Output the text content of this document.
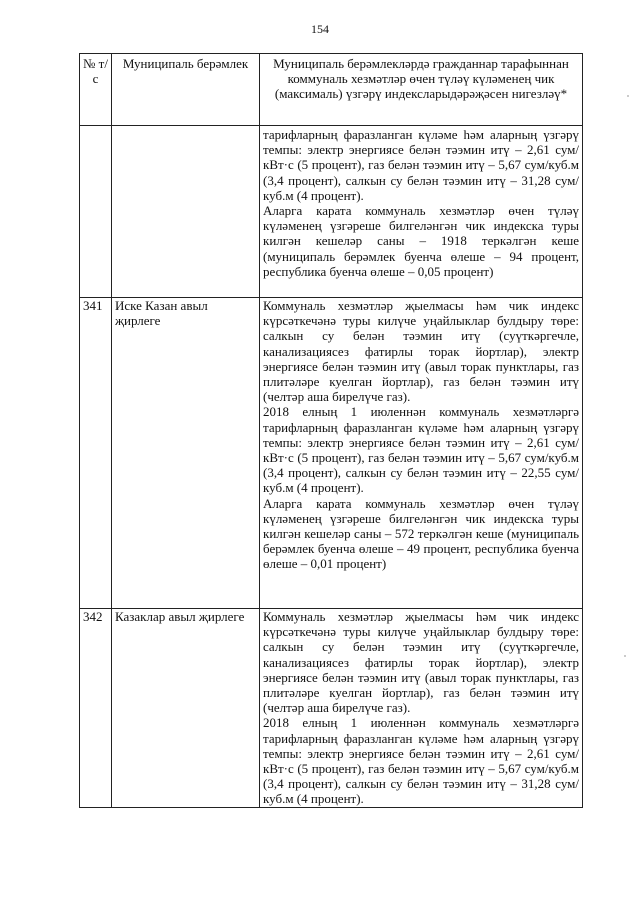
154
№ т/с	Муниципаль берәмлек	Муниципаль берәмлекләрдә гражданнар тарафыннан коммуналь хезмәтләр өчен түләү күләменең чик (максималь) үзгәрү индексларыдәрәҗәсен нигезләү*

		тарифларның фаразланган күләме һәм аларның үзгәрү темпы: электр энергиясе белән тәэмин итү – 2,61 сум/кВт·с (5 процент), газ белән тәэмин итү – 5,67 сум/куб.м (3,4 процент), салкын су белән тәэмин итү – 31,28 сум/куб.м (4 процент).

Аларга карата коммуналь хезмәтләр өчен түләү күләменең үзгәреше билгеләнгән чик индекска туры килгән кешеләр саны – 1918 теркәлгән кеше (муниципаль берәмлек буенча өлеше – 94 процент, республика буенча өлеше – 0,05 процент)

341	Иске Казан авыл җирлеге	Коммуналь хезмәтләр җыелмасы һәм чик индекс күрсәткечәнә туры килүче уңайлыклар булдыру төре: салкын су белән тәэмин итү (суүткәргечле, канализациясез фатирлы торак йортлар), электр энергиясе белән тәэмин итү (авыл торак пунктлары, газ плитәләре куелган йортлар), газ белән тәэмин итү (челтәр аша бирелүче газ).

2018 елның 1 июленнән коммуналь хезмәтләргә тарифларның фаразланган күләме һәм аларның үзгәрү темпы: электр энергиясе белән тәэмин итү – 2,61 сум/кВт·с (5 процент), газ белән тәэмин итү – 5,67 сум/куб.м (3,4 процент), салкын су белән тәэмин итү – 22,55 сум/куб.м (4 процент).

Аларга карата коммуналь хезмәтләр өчен түләү күләменең үзгәреше билгеләнгән чик индекска туры килгән кешеләр саны – 572 теркәлгән кеше (муниципаль берәмлек буенча өлеше – 49 процент, республика буенча өлеше – 0,01 процент)

342	Казаклар авыл җирлеге	Коммуналь хезмәтләр җыелмасы һәм чик индекс күрсәткечәнә туры килүче уңайлыклар булдыру төре: салкын су белән тәэмин итү (суүткәргечле, канализациясез фатирлы торак йортлар), электр энергиясе белән тәэмин итү (авыл торак пунктлары, газ плитәләре куелган йортлар), газ белән тәэмин итү (челтәр аша бирелүче газ).

2018 елның 1 июленнән коммуналь хезмәтләргә тарифларның фаразланган күләме һәм аларның үзгәрү темпы: электр энергиясе белән тәэмин итү – 2,61 сум/кВт·с (5 процент), газ белән тәэмин итү – 5,67 сум/куб.м (3,4 процент), салкын су белән тәэмин итү – 31,28 сум/куб.м (4 процент).
